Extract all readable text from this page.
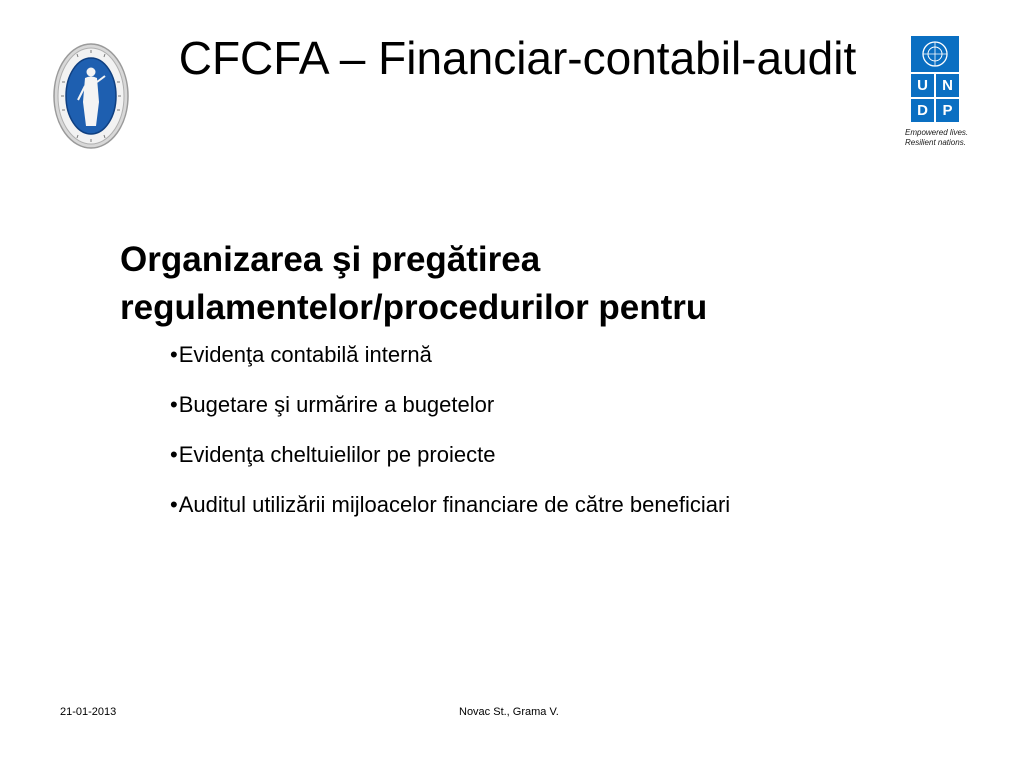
CFCFA – Financiar-contabil-audit
U N
D P
Empowered lives.
Resilient nations.
Organizarea şi pregătirea
regulamentelor/procedurilor pentru
•Evidenţa contabilă internă
•Bugetare şi urmărire a bugetelor
•Evidenţa cheltuielilor pe proiecte
•Auditul utilizării mijloacelor financiare de către beneficiari
21-01-2013	Novac St., Grama V.
